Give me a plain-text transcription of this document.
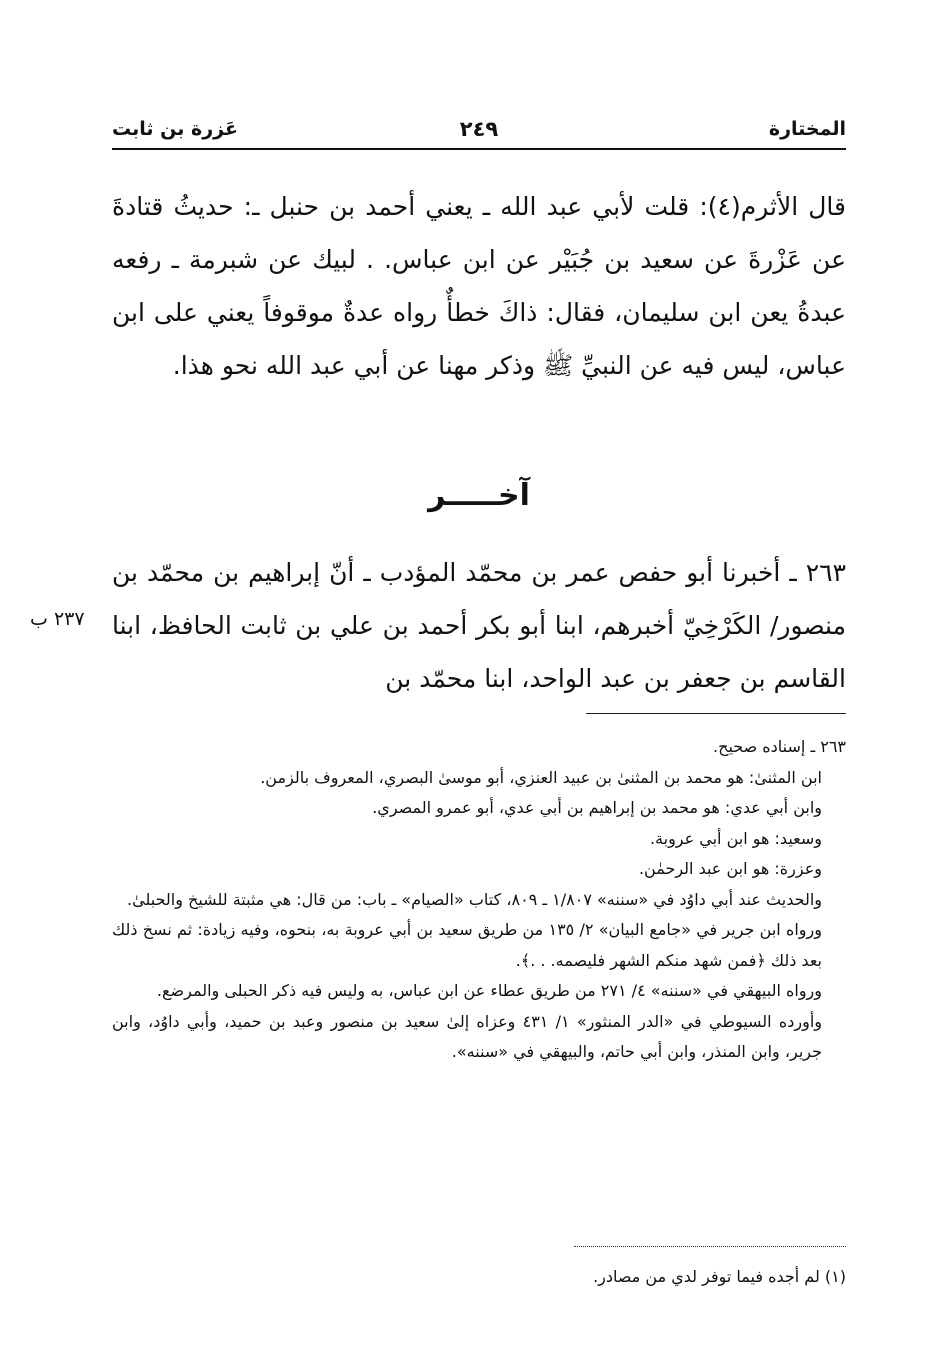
المختارة
٢٤٩
عَزرة بن ثابت

قال الأثرم(٤): قلت لأبي عبد الله ـ يعني أحمد بن حنبل ـ: حديثُ قتادةَ عن عَزْرةَ عن سعيد بن جُبَيْر عن ابن عباس. . لبيك عن شبرمة ـ رفعه عبدةُ يعن ابن سليمان، فقال: ذاكَ خطأٌ رواه عدةٌ موقوفاً يعني على ابن عباس، ليس فيه عن النبيِّ ﷺ وذكر مهنا عن أبي عبد الله نحو هذا.

آخـــــر

٢٦٣ ـ أخبرنا أبو حفص عمر بن محمّد المؤدب ـ أنّ إبراهيم بن محمّد بن منصور/ الكَرْخِيّ أخبرهم، ابنا أبو بكر أحمد بن علي بن ثابت الحافظ، ابنا القاسم بن جعفر بن عبد الواحد، ابنا محمّد بن

٢٣٧ ب

٢٦٣ ـ إسناده صحيح.

ابن المثنىٰ: هو محمد بن المثنىٰ بن عبيد العنزي، أبو موسىٰ البصري، المعروف بالزمن.

وابن أبي عدي: هو محمد بن إبراهيم بن أبي عدي، أبو عمرو المصري.

وسعيد: هو ابن أبي عروبة.

وعزرة: هو ابن عبد الرحمٰن.

والحديث عند أبي داوُد في «سننه» ١/٨٠٧ ـ ٨٠٩، كتاب «الصيام» ـ باب: من قال: هي مثبتة للشيخ والحبلىٰ.

ورواه ابن جرير في «جامع البيان» ٢/ ١٣٥ من طريق سعيد بن أبي عروبة به، بنحوه، وفيه زيادة: ثم نسخ ذلك بعد ذلك ﴿فمن شهد منكم الشهر فليصمه. . .﴾.

ورواه البيهقي في «سننه» ٤/ ٢٧١ من طريق عطاء عن ابن عباس، به وليس فيه ذكر الحبلى والمرضع.

وأورده السيوطي في «الدر المنثور» ١/ ٤٣١ وعزاه إلىٰ سعيد بن منصور وعبد بن حميد، وأبي داوُد، وابن جرير، وابن المنذر، وابن أبي حاتم، والبيهقي في «سننه».

(١) لم أجده فيما توفر لدي من مصادر.
